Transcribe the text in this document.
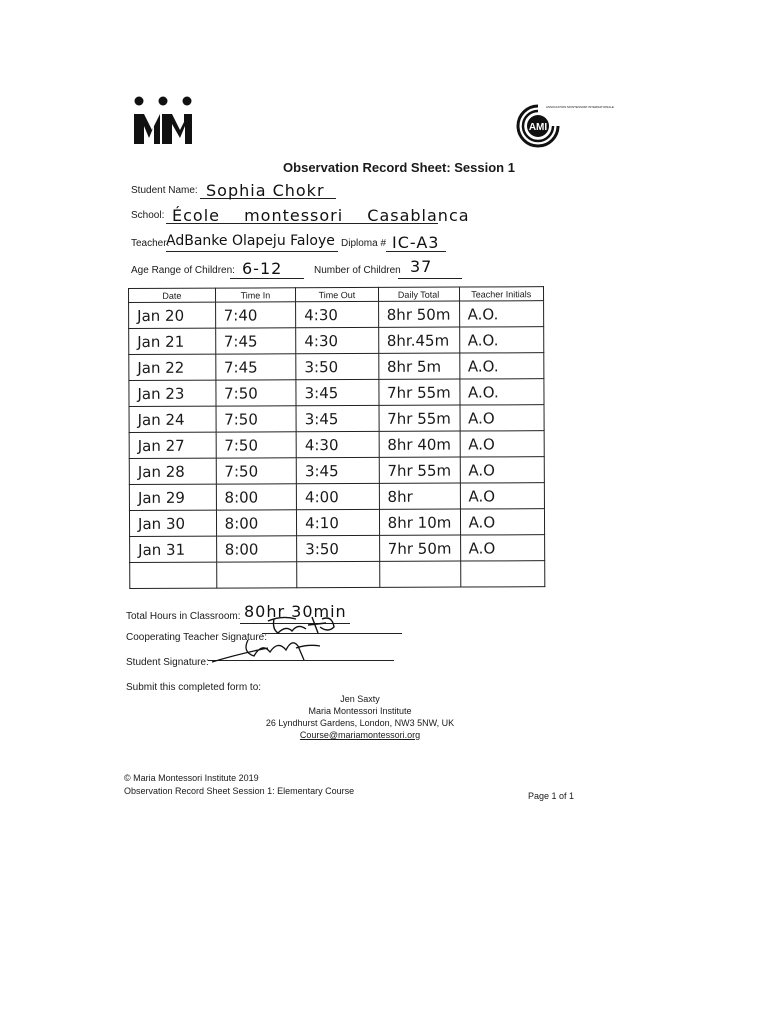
AMI
ASSOCIATION MONTESSORI INTERNATIONALE
Observation Record Sheet: Session 1
Student Name: Sophia Chokr
School: École montessori Casablanca
Teacher:
AdBanke Olapeju Faloye Diploma # IC-A3
Age Range of Children: 6-12	Number of Children 37
Date	Time In	Time Out	Daily Total	Teacher Initials
Jan 20	7:40	4:30	8hr 50m	A.O.
Jan 21	7:45	4:30	8hr.45m	A.O.
Jan 22	7:45	3:50	8hr 5m	A.O.
Jan 23	7:50	3:45	7hr 55m	A.O.
Jan 24	7:50	3:45	7hr 55m	A.O
Jan 27	7:50	4:30	8hr 40m	A.O
Jan 28	7:50	3:45	7hr 55m	A.O
Jan 29	8:00	4:00	8hr	A.O
Jan 30	8:00	4:10	8hr 10m	A.O
Jan 31	8:00	3:50	7hr 50m	A.O

Total Hours in Classroom: 80hr 30min
Cooperating Teacher Signature:
Student Signature:
Submit this completed form to:
Jen Saxty
Maria Montessori Institute
26 Lyndhurst Gardens, London, NW3 5NW, UK
Course@mariamontessori.org
© Maria Montessori Institute 2019
Observation Record Sheet Session 1: Elementary Course	Page 1 of 1
